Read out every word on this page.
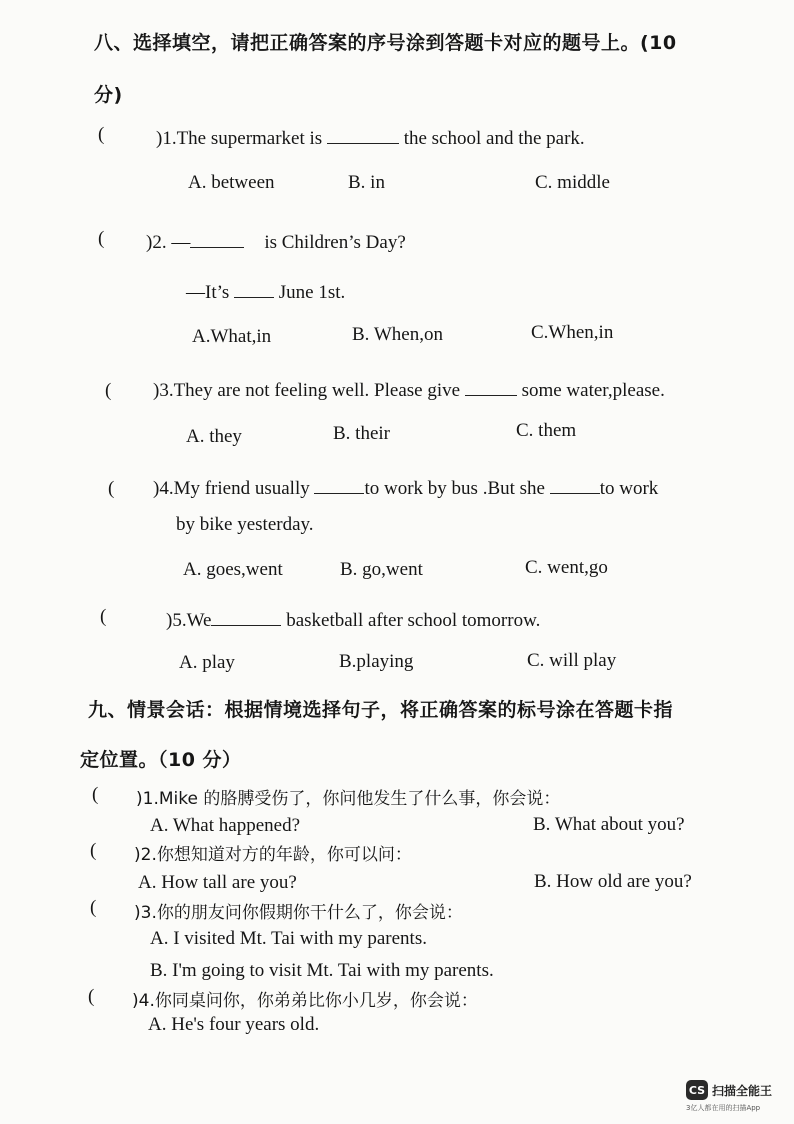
八、选择填空，请把正确答案的序号涂到答题卡对应的题号上。(10
分)
(	)1.The supermarket is	the school and the park.
A. between	B. in	C. middle
( )2. —	is Children’s Day?
—It’s  June 1st.
A.What,in	B. When,on	C.When,in
( )3.They are not feeling well. Please give	some water,please.
A. they	B. their	C. them
( )4.My friend usually	to work by bus .But she	to work
by bike yesterday.
A. goes,went	B. go,went	C. went,go
(	)5.We	basketball after school tomorrow.
A. play	B.playing	C. will play
九、情景会话：根据情境选择句子，将正确答案的标号涂在答题卡指
定位置。（10 分）
( )1.Mike 的胳膊受伤了，你问他发生了什么事，你会说：
A. What happened?	B. What about you?
( )2.你想知道对方的年龄，你可以问：
A. How tall are you?	B. How old are you?
( )3.你的朋友问你假期你干什么了，你会说：
A. I visited Mt. Tai with my parents.
B. I'm going to visit Mt. Tai with my parents.
( )4.你同桌问你，你弟弟比你小几岁，你会说：
A. He's four years old.
CS 扫描全能王
3亿人都在用的扫描App
